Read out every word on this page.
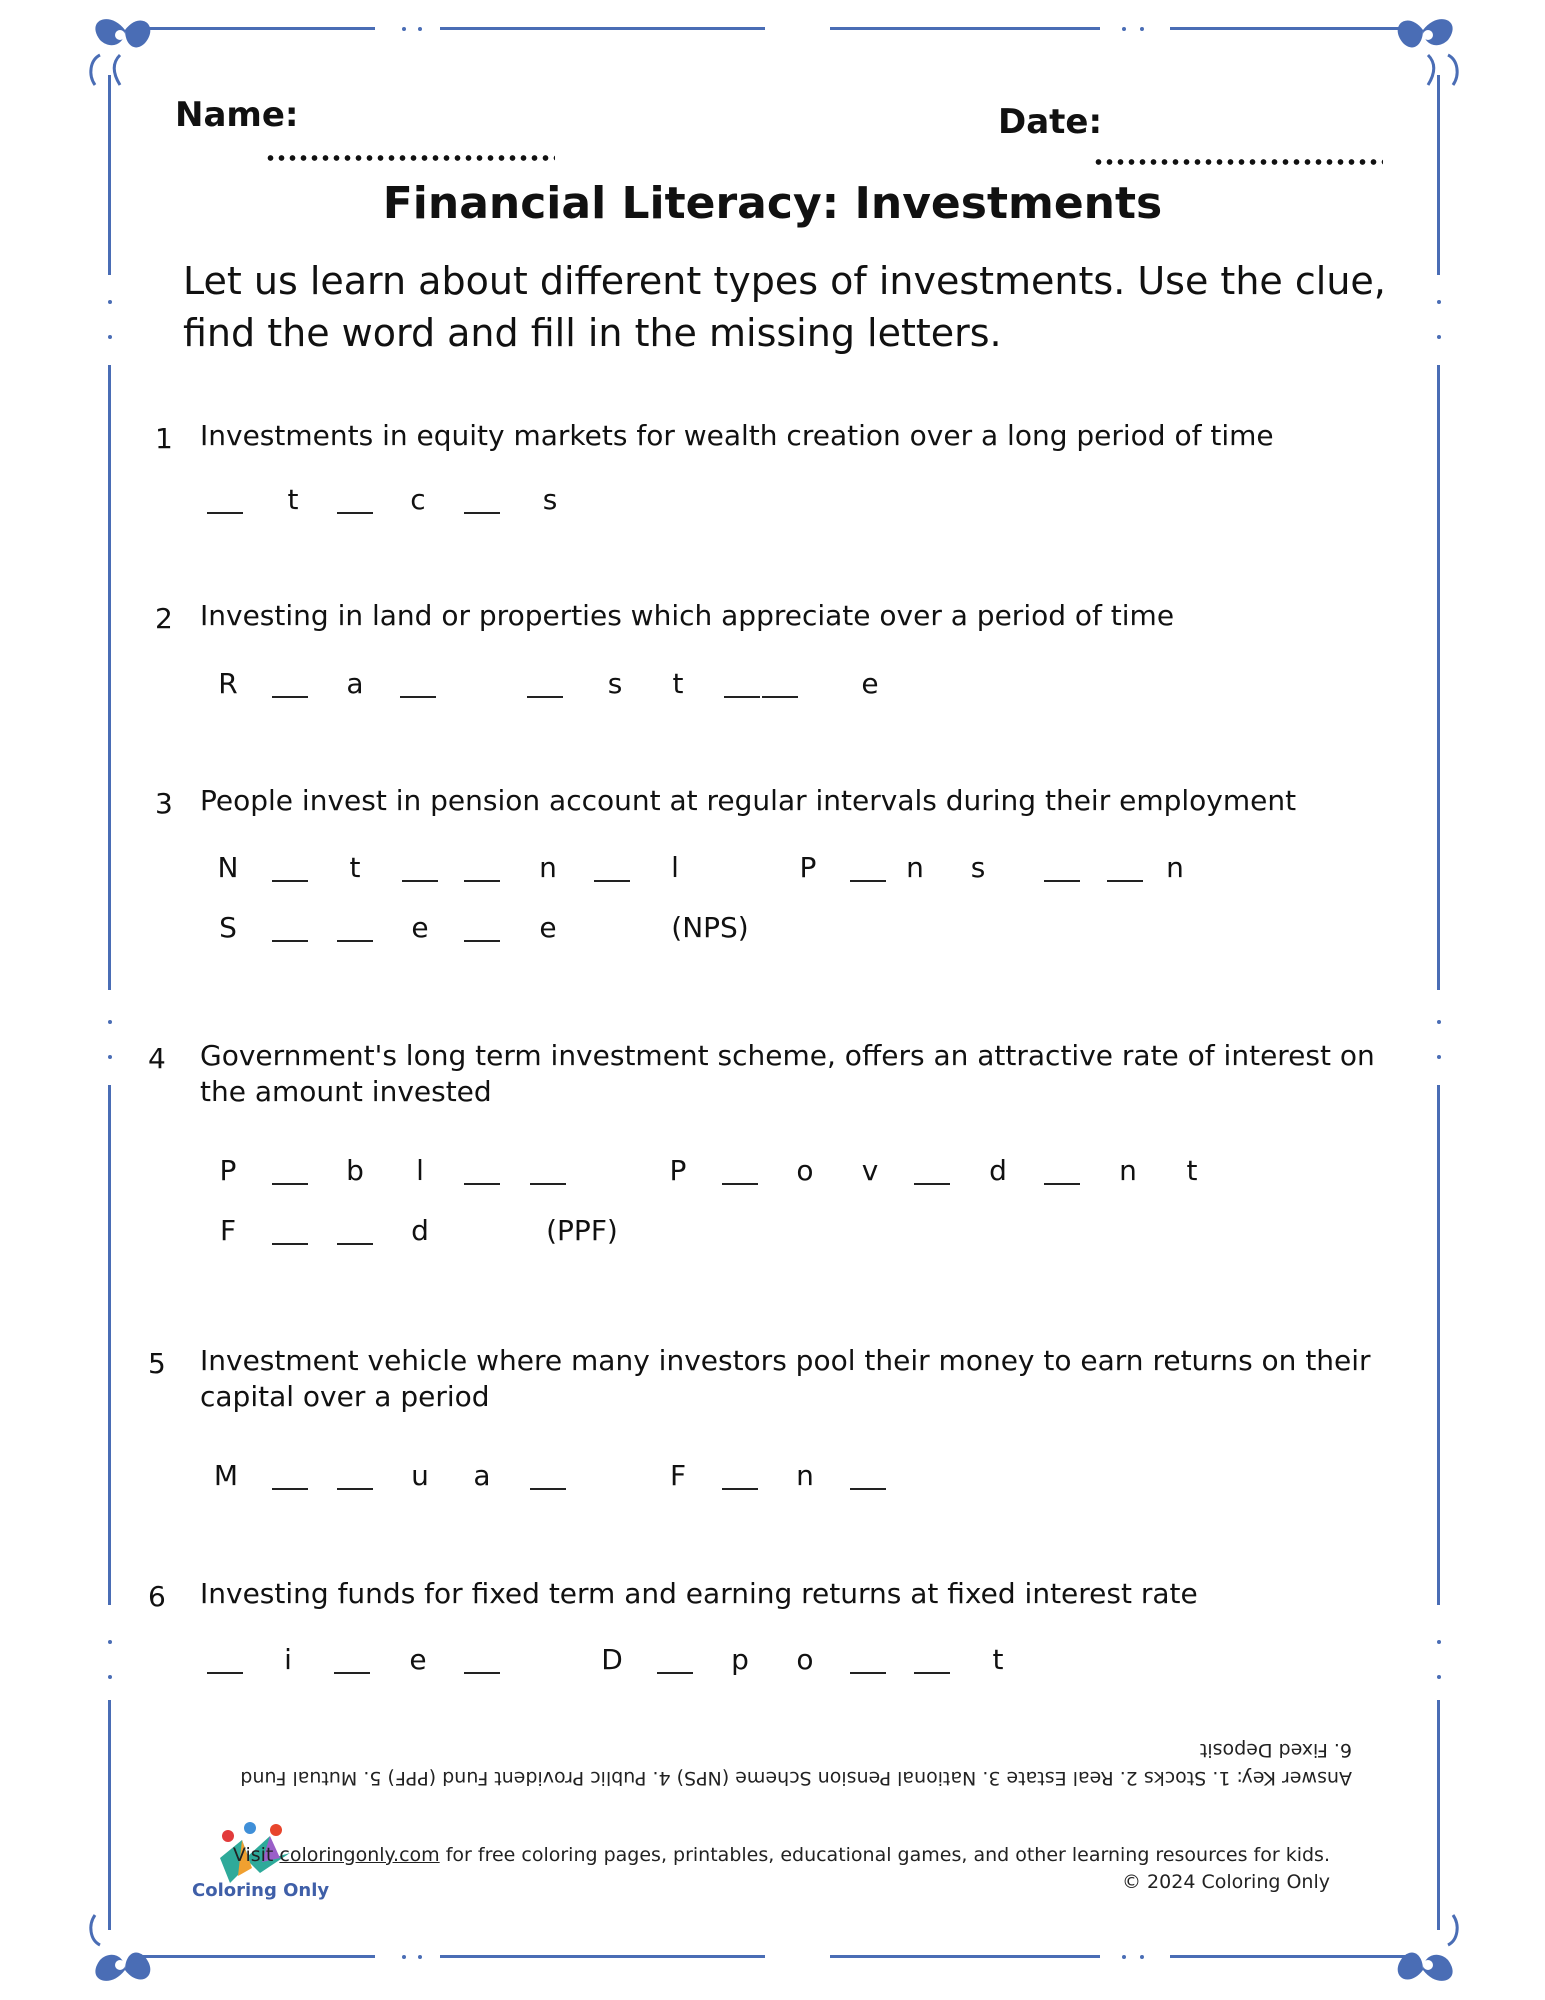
Name:	Date:
Financial Literacy: Investments
Let us learn about different types of investments. Use the clue, find the word and fill in the missing letters.
1 Investments in equity markets for wealth creation over a long period of time
t	c	s
2 Investing in land or properties which appreciate over a period of time
R	a	s	t	e
3 People invest in pension account at regular intervals during their employment
N	t	n	l	P	n	s	n
S	e	e	(NPS)
4 Government's long term investment scheme, offers an attractive rate of interest on the amount invested
P	b	l	P	o	v	d	n	t
F	d	(PPF)
5 Investment vehicle where many investors pool their money to earn returns on their capital over a period
M	u	a	F	n
6 Investing funds for fixed term and earning returns at fixed interest rate
i	e	D	p	o	t
Answer Key: 1. Stocks 2. Real Estate 3. National Pension Scheme (NPS) 4. Public Provident Fund (PPF) 5. Mutual Fund 6. Fixed Deposit
Coloring Only
Visit coloringonly.com for free coloring pages, printables, educational games, and other learning resources for kids.
© 2024 Coloring Only
